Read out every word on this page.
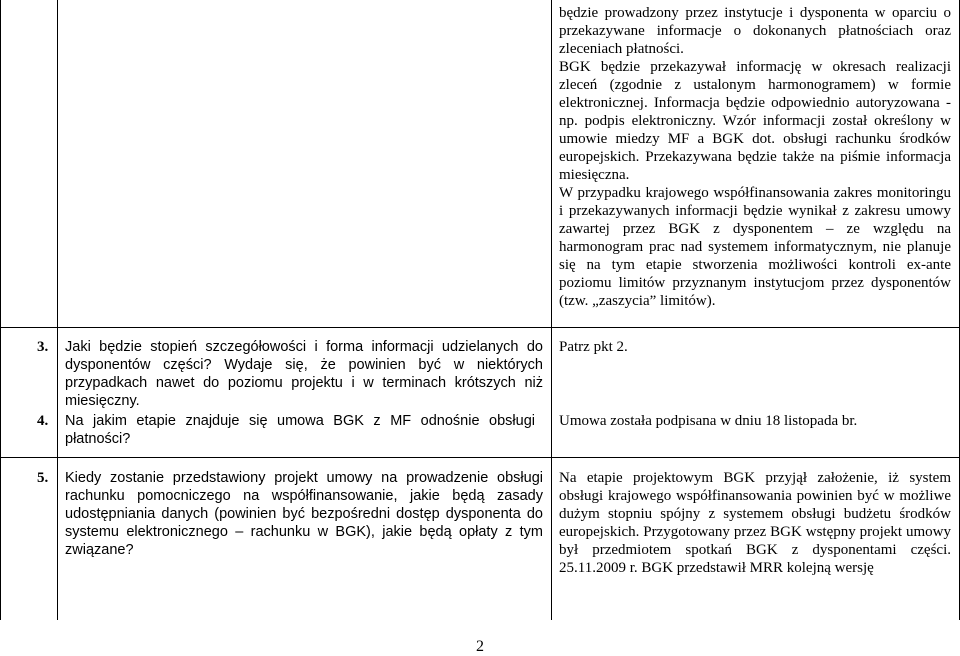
będzie prowadzony przez instytucje i dysponenta w oparciu o przekazywane informacje o dokonanych płatnościach oraz zleceniach płatności.

BGK będzie przekazywał informację w okresach realizacji zleceń (zgodnie z ustalonym harmonogramem) w formie elektronicznej. Informacja będzie odpowiednio autoryzowana - np. podpis elektroniczny. Wzór informacji został określony w umowie miedzy MF a BGK dot. obsługi rachunku środków europejskich. Przekazywana będzie także na piśmie informacja miesięczna.

W przypadku krajowego współfinansowania zakres monitoringu i przekazywanych informacji będzie wynikał z zakresu umowy zawartej przez BGK z dysponentem – ze względu na harmonogram prac nad systemem informatycznym, nie planuje się na tym etapie stworzenia możliwości kontroli ex-ante poziomu limitów przyznanym instytucjom przez dysponentów (tzw. „zaszycia” limitów).

3. Jaki będzie stopień szczegółowości i forma informacji udzielanych do dysponentów części? Wydaje się, że powinien być w niektórych przypadkach nawet do poziomu projektu i w terminach krótszych niż miesięczny.
Patrz pkt 2.
4. Na jakim etapie znajduje się umowa BGK z MF odnośnie obsługi płatności?
Umowa została podpisana w dniu 18 listopada br.
5. Kiedy zostanie przedstawiony projekt umowy na prowadzenie obsługi rachunku pomocniczego na współfinansowanie, jakie będą zasady udostępniania danych (powinien być bezpośredni dostęp dysponenta do systemu elektronicznego – rachunku w BGK), jakie będą opłaty z tym związane?
Na etapie projektowym BGK przyjął założenie, iż system obsługi krajowego współfinansowania powinien być w możliwe dużym stopniu spójny z systemem obsługi budżetu środków europejskich. Przygotowany przez BGK wstępny projekt umowy był przedmiotem spotkań BGK z dysponentami części. 25.11.2009 r. BGK przedstawił MRR kolejną wersję
2
